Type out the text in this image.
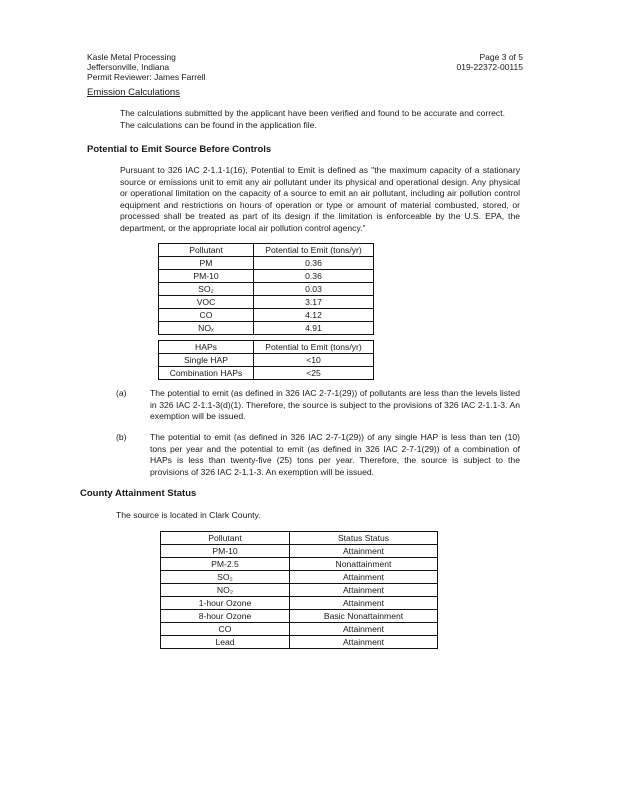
Kasle Metal Processing
Jeffersonville, Indiana
Permit Reviewer: James Farrell
Page 3 of 5
019-22372-00115
Emission Calculations
The calculations submitted by the applicant have been verified and found to be accurate and correct. The calculations can be found in the application file.
Potential to Emit Source Before Controls
Pursuant to 326 IAC 2-1.1-1(16), Potential to Emit is defined as "the maximum capacity of a stationary source or emissions unit to emit any air pollutant under its physical and operational design. Any physical or operational limitation on the capacity of a source to emit an air pollutant, including air pollution control equipment and restrictions on hours of operation or type or amount of material combusted, stored, or processed shall be treated as part of its design if the limitation is enforceable by the U.S. EPA, the department, or the appropriate local air pollution control agency."
Pollutant	Potential to Emit (tons/yr)
PM	0.36
PM-10	0.36
SO₂	0.03
VOC	3.17
CO	4.12
NOₓ	4.91
HAPs	Potential to Emit (tons/yr)
Single HAP	<10
Combination HAPs	<25
(a)	The potential to emit (as defined in 326 IAC 2-7-1(29)) of pollutants are less than the levels listed in 326 IAC 2-1.1-3(d)(1). Therefore, the source is subject to the provisions of 326 IAC 2-1.1-3. An exemption will be issued.
(b)	The potential to emit (as defined in 326 IAC 2-7-1(29)) of any single HAP is less than ten (10) tons per year and the potential to emit (as defined in 326 IAC 2-7-1(29)) of a combination of HAPs is less than twenty-five (25) tons per year. Therefore, the source is subject to the provisions of 326 IAC 2-1.1-3. An exemption will be issued.
County Attainment Status
The source is located in Clark County.
Pollutant	Status Status
PM-10	Attainment
PM-2.5	Nonattainment
SO₂	Attainment
NO₂	Attainment
1-hour Ozone	Attainment
8-hour Ozone	Basic Nonattainment
CO	Attainment
Lead	Attainment
